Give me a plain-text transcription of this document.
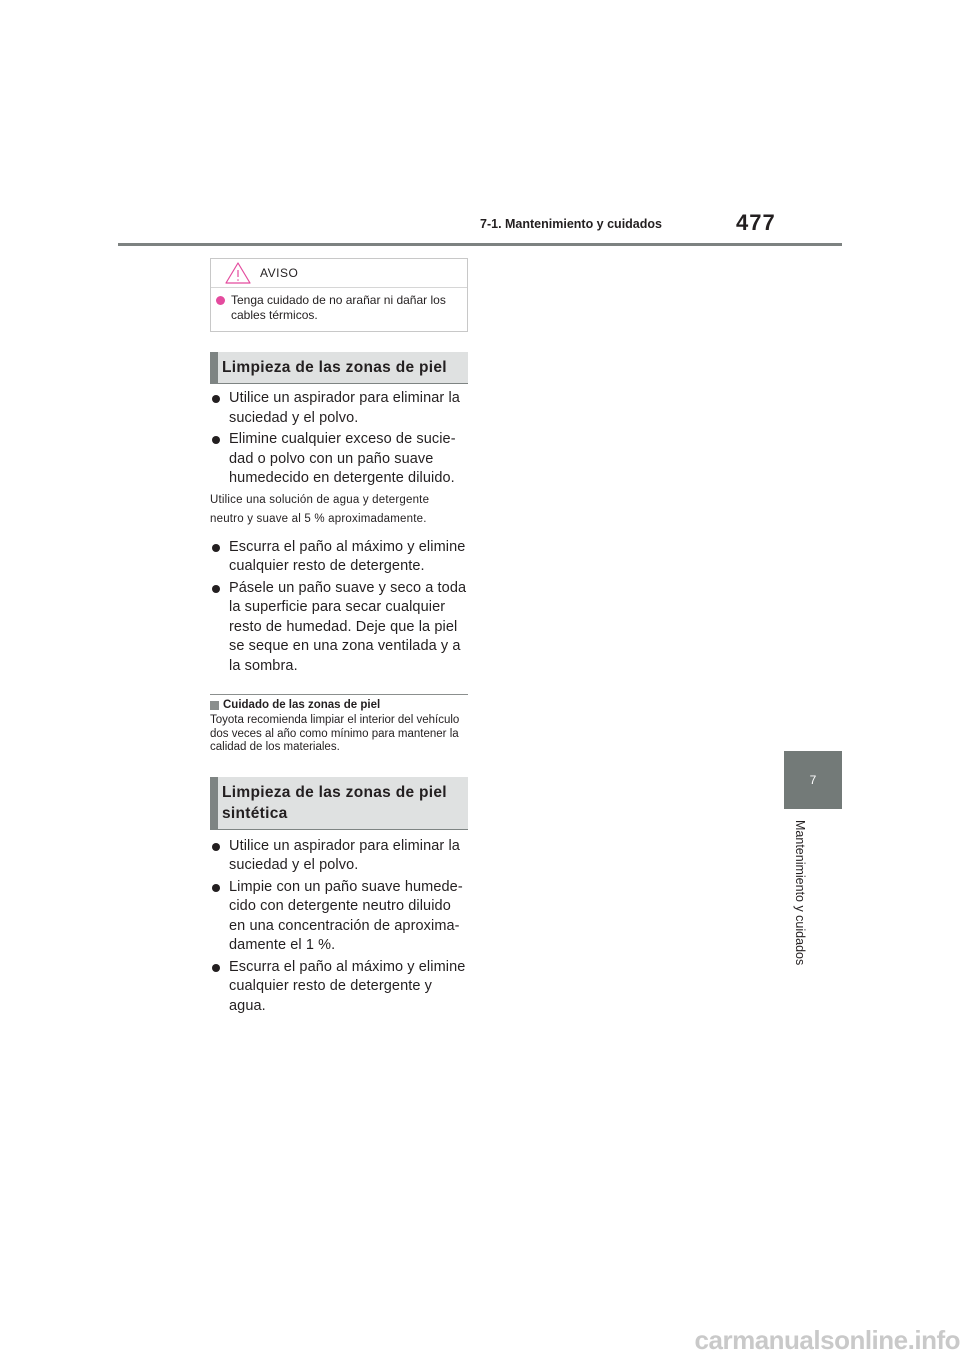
7-1. Mantenimiento y cuidados	477
7
Mantenimiento y cuidados
AVISO
Tenga cuidado de no arañar ni dañar los cables térmicos.
Limpieza de las zonas de piel
Utilice un aspirador para eliminar la suciedad y el polvo.
Elimine cualquier exceso de sucie-dad o polvo con un paño suave humedecido en detergente diluido.
Utilice una solución de agua y detergente
neutro y suave al 5 % aproximadamente.
Escurra el paño al máximo y elimine cualquier resto de detergente.
Pásele un paño suave y seco a toda la superficie para secar cualquier resto de humedad. Deje que la piel se seque en una zona ventilada y a la sombra.
Cuidado de las zonas de piel
Toyota recomienda limpiar el interior del vehículo dos veces al año como mínimo para mantener la calidad de los materiales.
Limpieza de las zonas de piel sintética
Utilice un aspirador para eliminar la suciedad y el polvo.
Limpie con un paño suave humede-cido con detergente neutro diluido en una concentración de aproxima-damente el 1 %.
Escurra el paño al máximo y elimine cualquier resto de detergente y agua.
carmanualsonline.info
